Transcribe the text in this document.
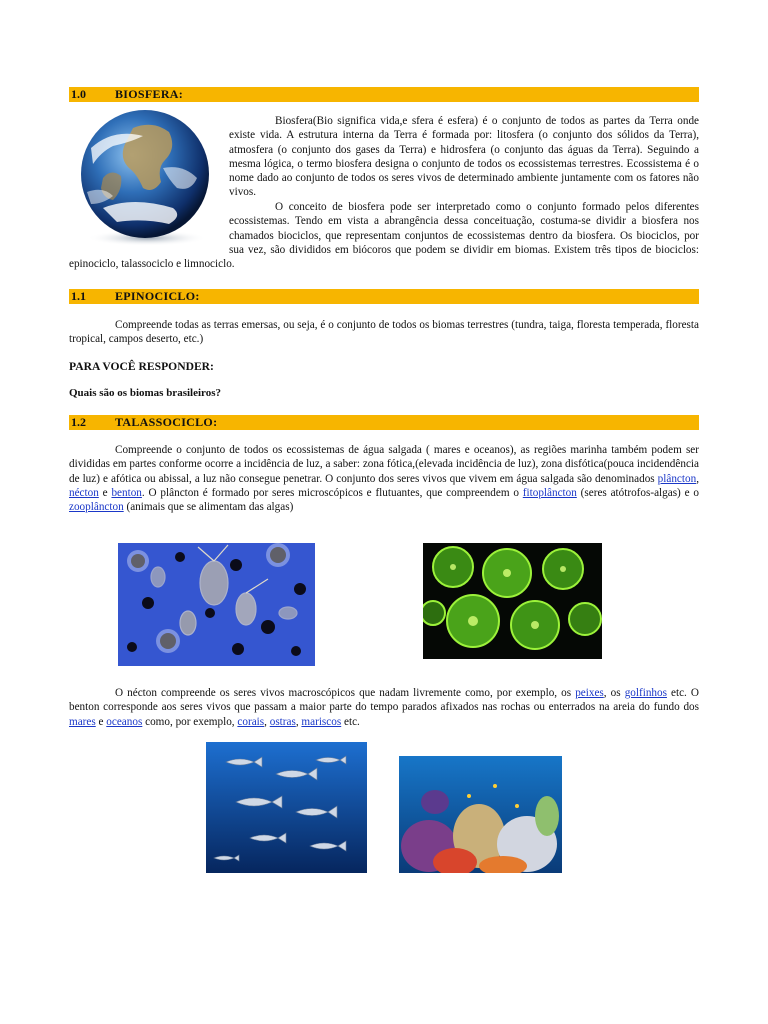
1.0 BIOSFERA:
Biosfera(Bio significa vida,e sfera é esfera) é o conjunto de todos as partes da Terra onde existe vida. A estrutura interna da Terra é formada por: litosfera (o conjunto dos sólidos da Terra), atmosfera (o conjunto dos gases da Terra) e hidrosfera (o conjunto das águas da Terra). Seguindo a mesma lógica, o termo biosfera designa o conjunto de todos os ecossistemas terrestres. Ecossistema é o nome dado ao conjunto de todos os seres vivos de determinado ambiente juntamente com os fatores não vivos.
O conceito de biosfera pode ser interpretado como o conjunto formado pelos diferentes ecossistemas. Tendo em vista a abrangência dessa conceituação, costuma-se dividir a biosfera nos chamados biociclos, que representam conjuntos de ecossistemas dentro da biosfera. Os biociclos, por sua vez, são divididos em biócoros que podem se dividir em biomas. Existem três tipos de biociclos: epinociclo, talassociclo e limnociclo.
1.1 EPINOCICLO:
Compreende todas as terras emersas, ou seja, é o conjunto de todos os biomas terrestres (tundra, taiga, floresta temperada, floresta tropical, campos deserto, etc.)
PARA VOCÊ RESPONDER:
Quais são os biomas brasileiros?
1.2 TALASSOCICLO:
Compreende o conjunto de todos os ecossistemas de água salgada ( mares e oceanos), as regiões marinha também podem ser divididas em partes conforme ocorre a incidência de luz, a saber: zona fótica,(elevada incidência de luz), zona disfótica(pouca incidendência de luz) e afótica ou abissal, a luz não consegue penetrar. O conjunto dos seres vivos que vivem em água salgada são denominados plâncton, nécton e benton. O plâncton é formado por seres microscópicos e flutuantes, que compreendem o fitoplâncton (seres atótrofos-algas) e o zooplâncton (animais que se alimentam das algas)
O nécton compreende os seres vivos macroscópicos que nadam livremente como, por exemplo, os peixes, os golfinhos etc. O benton corresponde aos seres vivos que passam a maior parte do tempo parados afixados nas rochas ou enterrados na areia do fundo dos mares e oceanos como, por exemplo, corais, ostras, mariscos etc.
